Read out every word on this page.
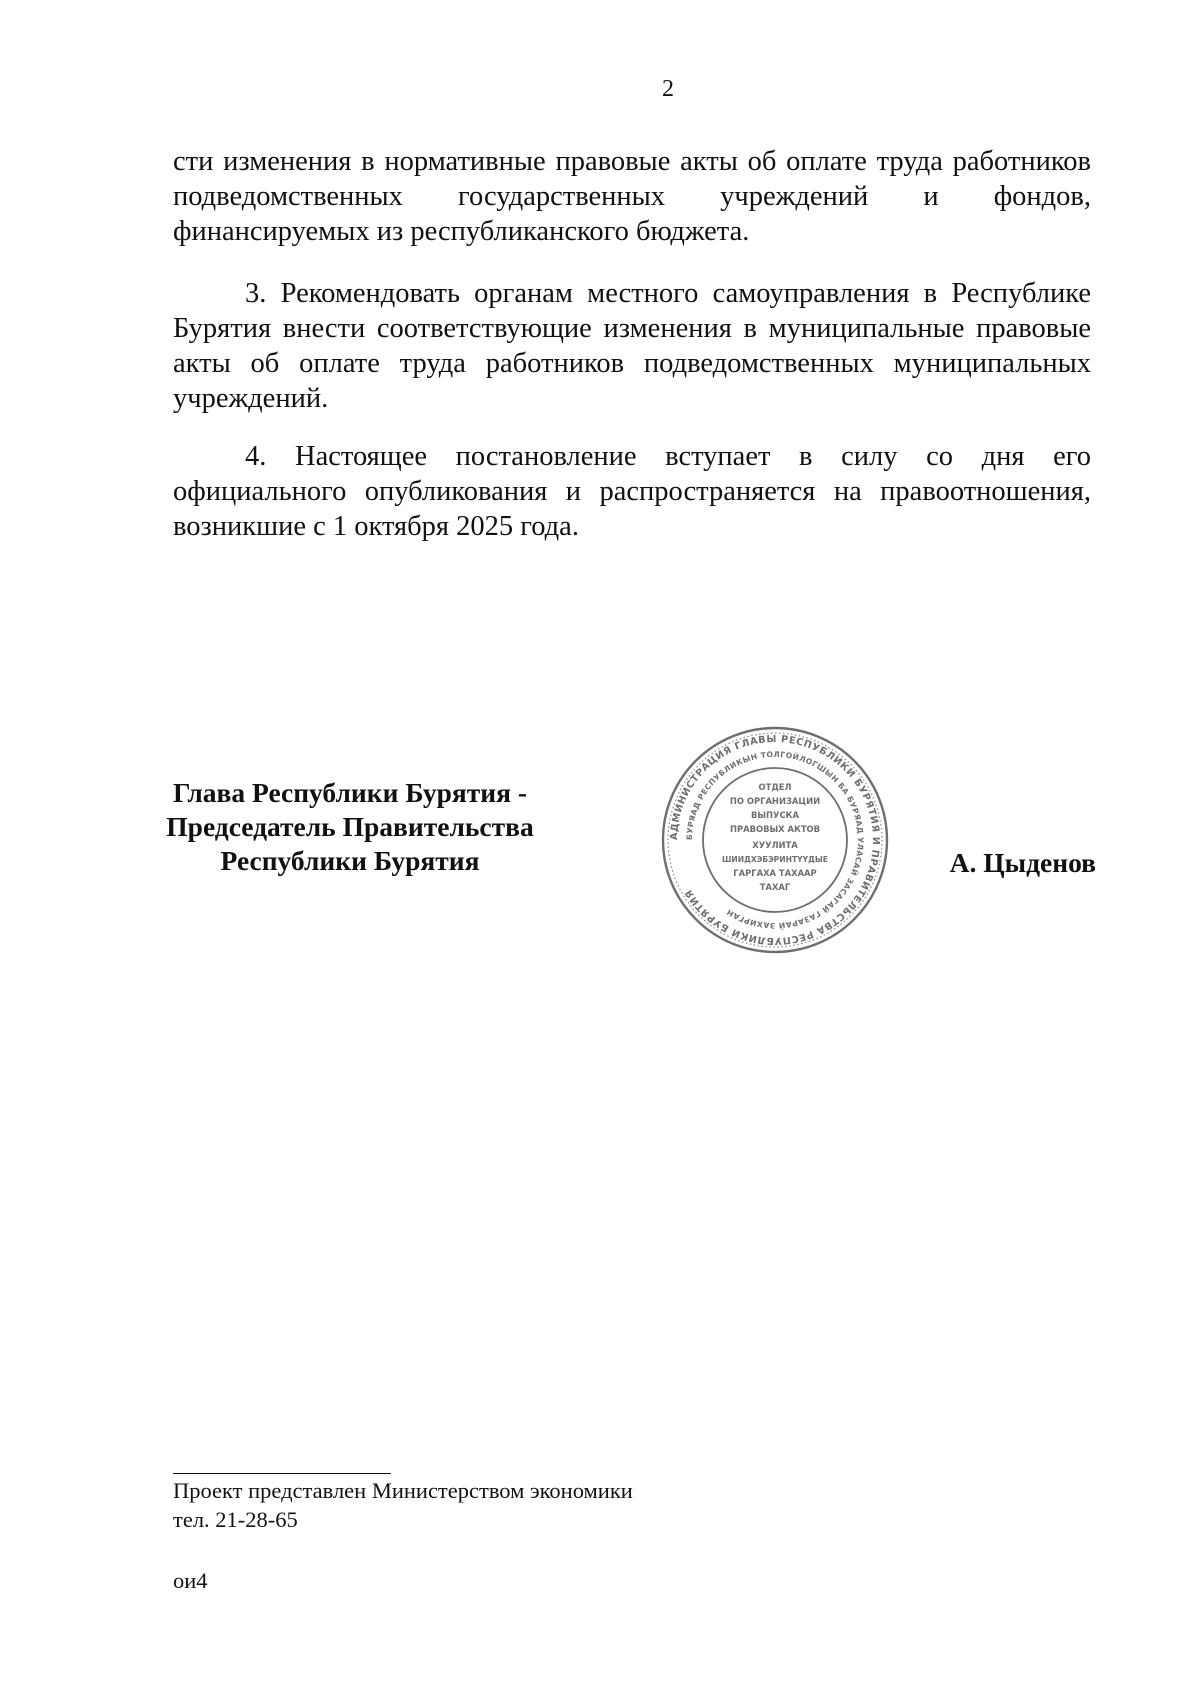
2

сти изменения в нормативные правовые акты об оплате труда работников подведомственных государственных учреждений и фондов, финансируемых из республиканского бюджета.

3. Рекомендовать органам местного самоуправления в Республике Бурятия внести соответствующие изменения в муниципальные правовые акты об оплате труда работников подведомственных муниципальных учреждений.

4. Настоящее постановление вступает в силу со дня его официального опубликования и распространяется на правоотношения, возникшие с 1 октября 2025 года.

Глава Республики Бурятия -
Председатель Правительства
Республики Бурятия
АДМИНИСТРАЦИЯ ГЛАВЫ РЕСПУБЛИКИ БУРЯТИЯ И ПРАВИТЕЛЬСТВА РЕСПУБЛИКИ БУРЯТИЯ
БУРЯАД РЕСПУБЛИКЫН ТОЛГОЙЛОГШЫН БА БУРЯАД УЛАСАЙ ЗАСАГАЙ ГАЗАРАЙ ЗАХИРГАН
ОТДЕЛ
ПО ОРГАНИЗАЦИИ
ВЫПУСКА
ПРАВОВЫХ АКТОВ
ХУУЛИТА
ШИИДХЭБЭРИНТҮҮДЫЕ
ГАРГАХА ТАХААР
ТАХАГ
А. Цыденов
Проект представлен Министерством экономики
тел. 21-28-65
ои4
